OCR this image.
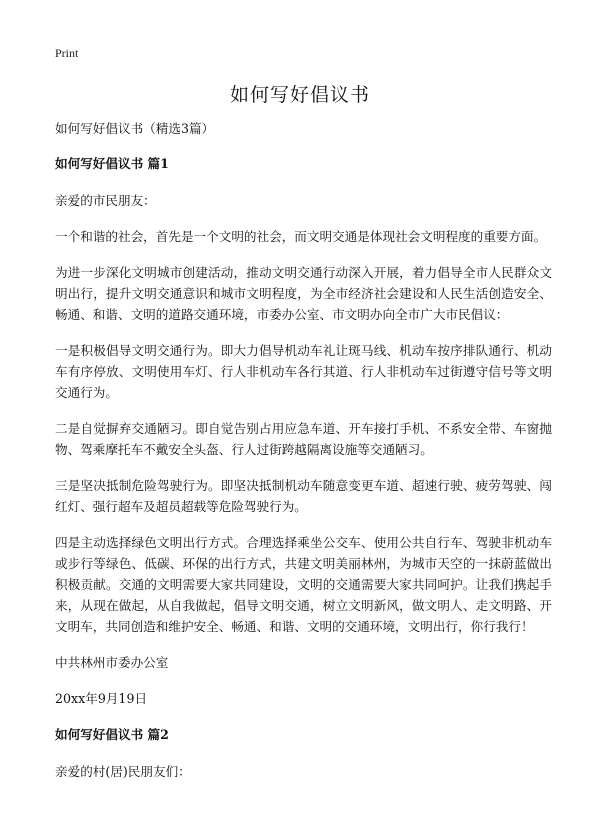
Print
如何写好倡议书

如何写好倡议书（精选3篇）

如何写好倡议书 篇1

亲爱的市民朋友：

一个和谐的社会，首先是一个文明的社会，而文明交通是体现社会文明程度的重要方面。

为进一步深化文明城市创建活动，推动文明交通行动深入开展，着力倡导全市人民群众文明出行，提升文明交通意识和城市文明程度，为全市经济社会建设和人民生活创造安全、畅通、和谐、文明的道路交通环境，市委办公室、市文明办向全市广大市民倡议：

一是积极倡导文明交通行为。即大力倡导机动车礼让斑马线、机动车按序排队通行、机动车有序停放、文明使用车灯、行人非机动车各行其道、行人非机动车过街遵守信号等文明交通行为。

二是自觉摒弃交通陋习。即自觉告别占用应急车道、开车接打手机、不系安全带、车窗抛物、驾乘摩托车不戴安全头盔、行人过街跨越隔离设施等交通陋习。

三是坚决抵制危险驾驶行为。即坚决抵制机动车随意变更车道、超速行驶、疲劳驾驶、闯红灯、强行超车及超员超载等危险驾驶行为。

四是主动选择绿色文明出行方式。合理选择乘坐公交车、使用公共自行车、驾驶非机动车或步行等绿色、低碳、环保的出行方式，共建文明美丽林州，为城市天空的一抹蔚蓝做出积极贡献。交通的文明需要大家共同建设，文明的交通需要大家共同呵护。让我们携起手来，从现在做起，从自我做起，倡导文明交通，树立文明新风，做文明人、走文明路、开文明车，共同创造和维护安全、畅通、和谐、文明的交通环境，文明出行，你行我行！

中共林州市委办公室

20xx年9月19日

如何写好倡议书 篇2

亲爱的村(居)民朋友们：
